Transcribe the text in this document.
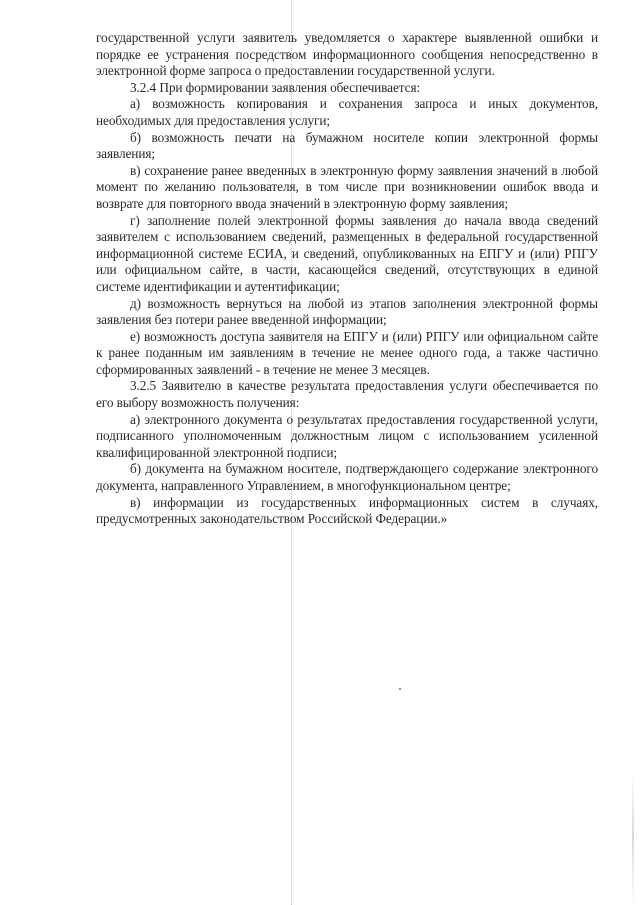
государственной услуги заявитель уведомляется о характере выявленной ошибки и порядке ее устранения посредством информационного сообщения непосредственно в электронной форме запроса о предоставлении государственной услуги.

3.2.4 При формировании заявления обеспечивается:

а) возможность копирования и сохранения запроса и иных документов, необходимых для предоставления услуги;

б) возможность печати на бумажном носителе копии электронной формы заявления;

в) сохранение ранее введенных в электронную форму заявления значений в любой момент по желанию пользователя, в том числе при возникновении ошибок ввода и возврате для повторного ввода значений в электронную форму заявления;

г) заполнение полей электронной формы заявления до начала ввода сведений заявителем с использованием сведений, размещенных в федеральной государственной информационной системе ЕСИА, и сведений, опубликованных на ЕПГУ и (или) РПГУ или официальном сайте, в части, касающейся сведений, отсутствующих в единой системе идентификации и аутентификации;

д) возможность вернуться на любой из этапов заполнения электронной формы заявления без потери ранее введенной информации;

е) возможность доступа заявителя на ЕПГУ и (или) РПГУ или официальном сайте к ранее поданным им заявлениям в течение не менее одного года, а также частично сформированных заявлений - в течение не менее 3 месяцев.

3.2.5 Заявителю в качестве результата предоставления услуги обеспечивается по его выбору возможность получения:

а) электронного документа о результатах предоставления государственной услуги, подписанного уполномоченным должностным лицом с использованием усиленной квалифицированной электронной подписи;

б) документа на бумажном носителе, подтверждающего содержание электронного документа, направленного Управлением, в многофункциональном центре;

в) информации из государственных информационных систем в случаях, предусмотренных законодательством Российской Федерации.»
